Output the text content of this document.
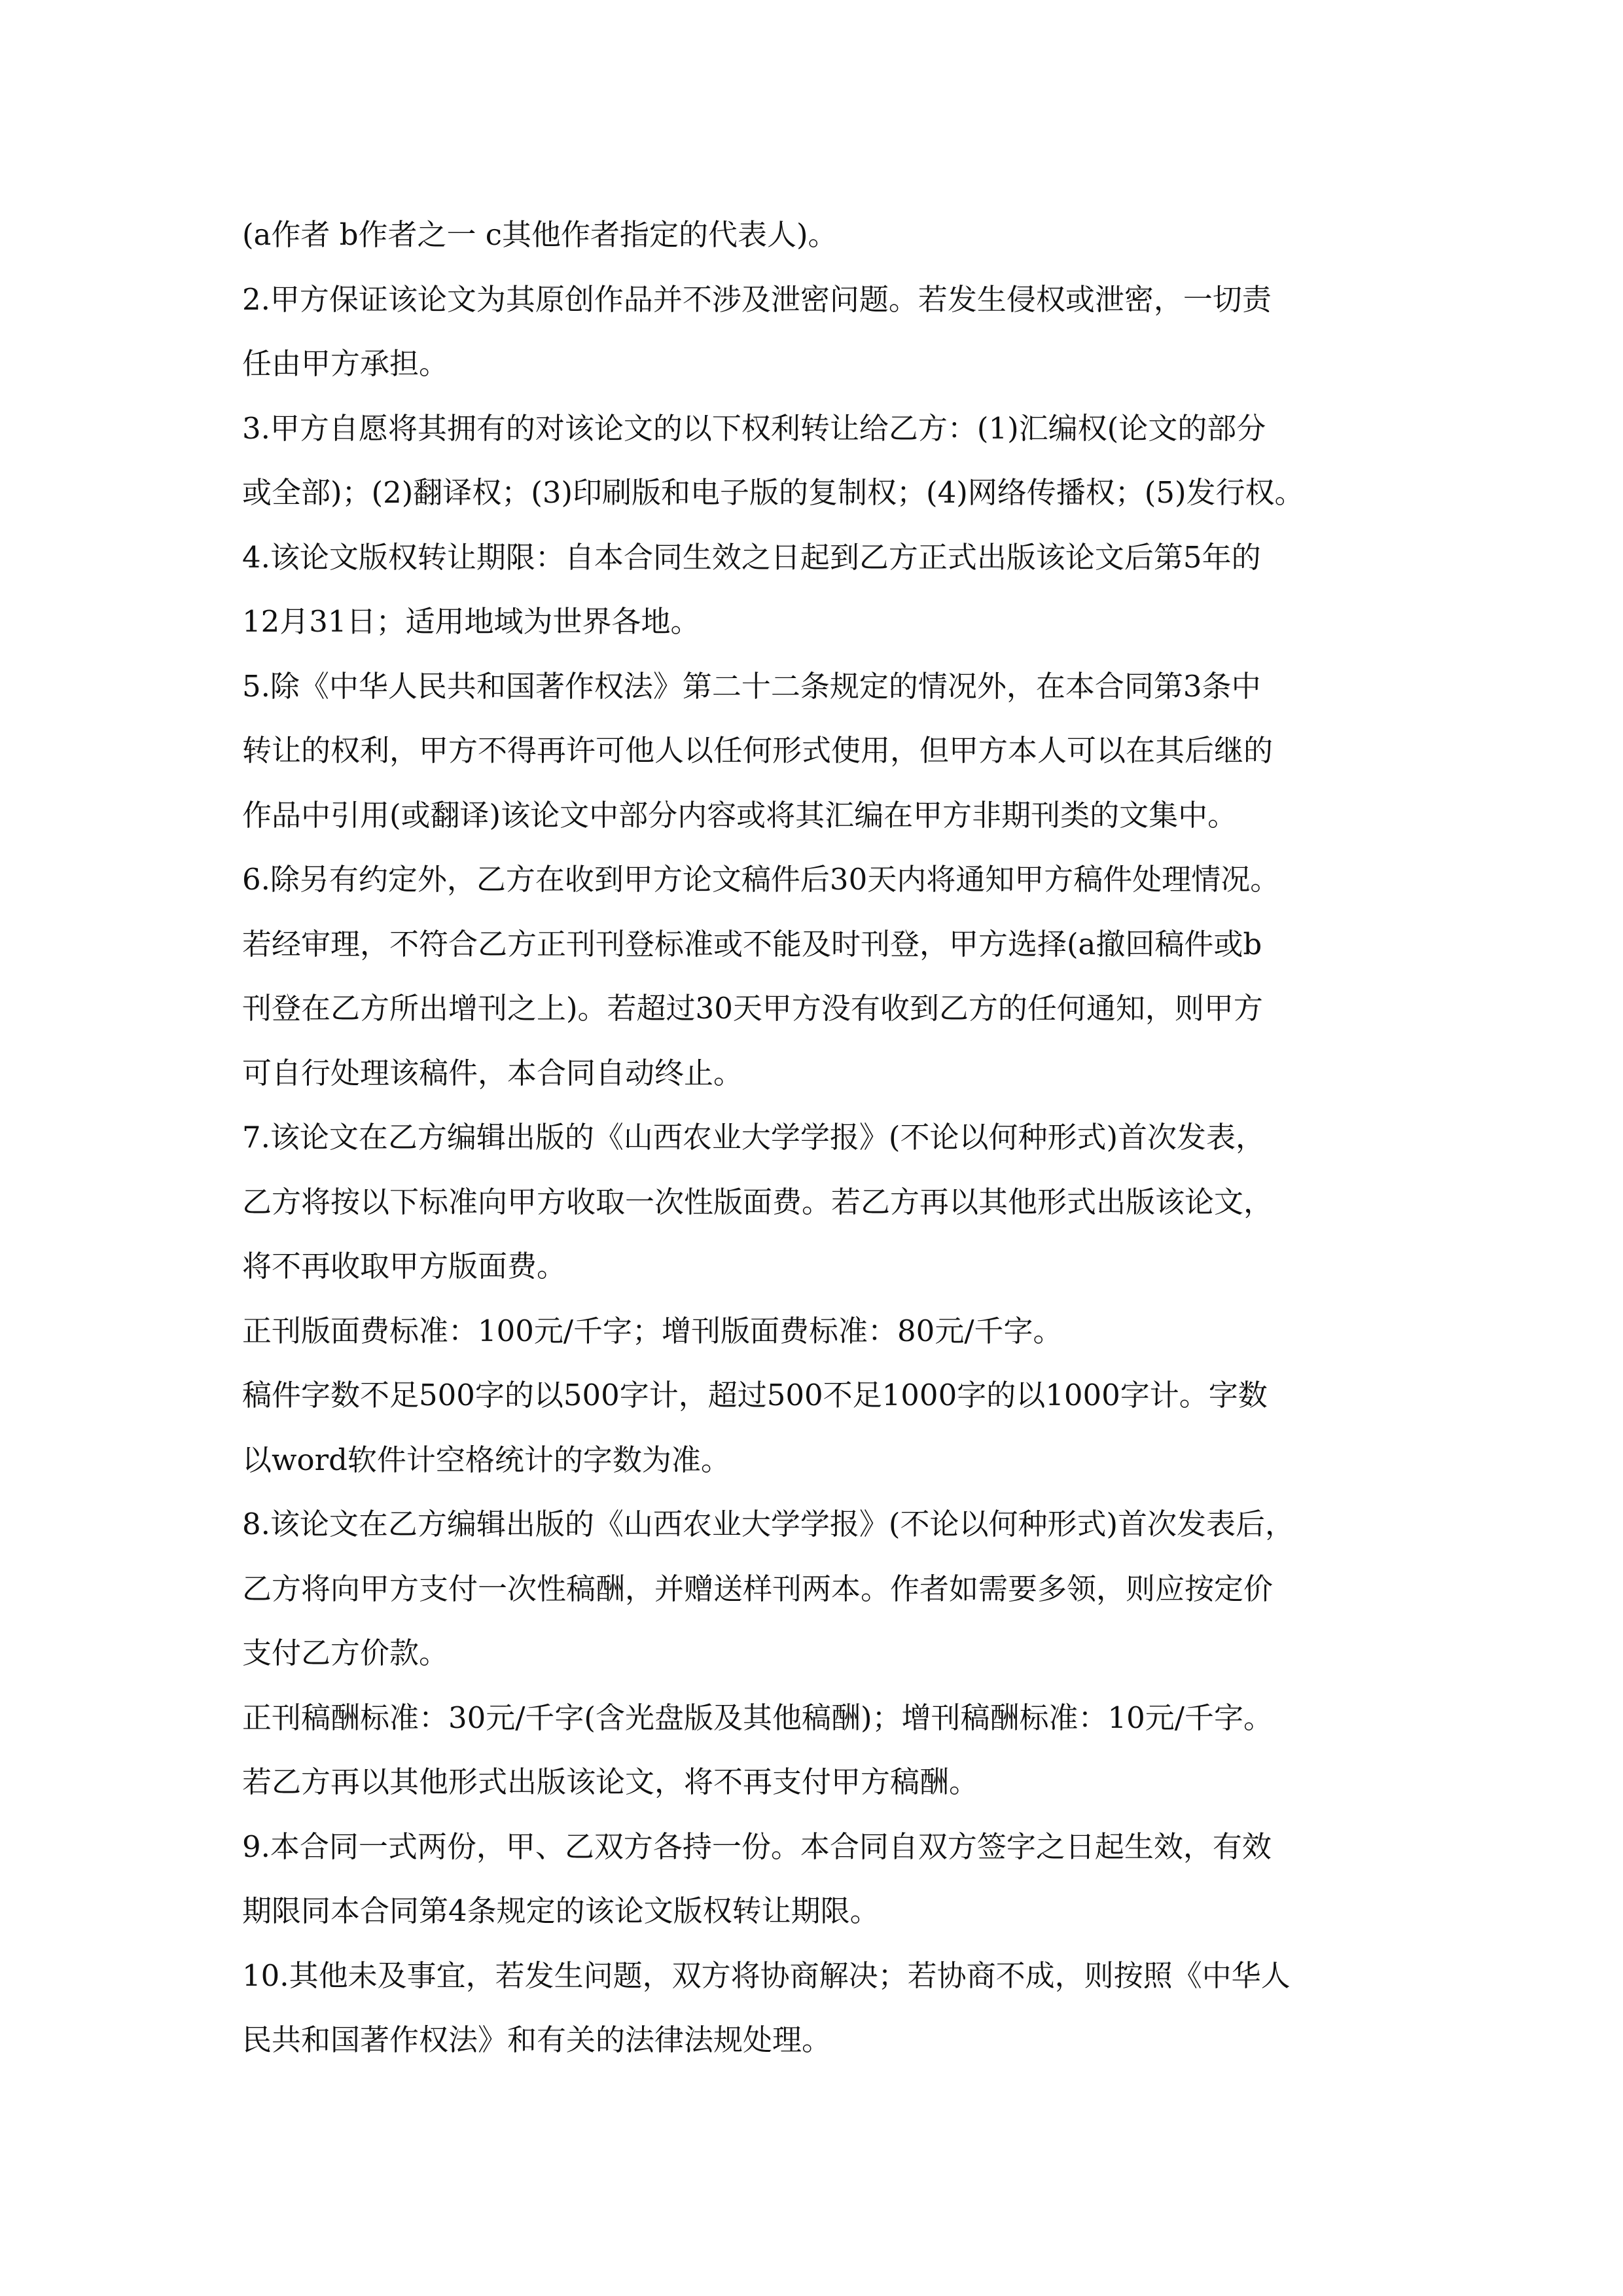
(a作者 b作者之一 c其他作者指定的代表人)。
2.甲方保证该论文为其原创作品并不涉及泄密问题。若发生侵权或泄密，一切责
任由甲方承担。
3.甲方自愿将其拥有的对该论文的以下权利转让给乙方：(1)汇编权(论文的部分
或全部)；(2)翻译权；(3)印刷版和电子版的复制权；(4)网络传播权；(5)发行权。
4.该论文版权转让期限：自本合同生效之日起到乙方正式出版该论文后第5年的
12月31日；适用地域为世界各地。
5.除《中华人民共和国著作权法》第二十二条规定的情况外，在本合同第3条中
转让的权利，甲方不得再许可他人以任何形式使用，但甲方本人可以在其后继的
作品中引用(或翻译)该论文中部分内容或将其汇编在甲方非期刊类的文集中。
6.除另有约定外，乙方在收到甲方论文稿件后30天内将通知甲方稿件处理情况。
若经审理，不符合乙方正刊刊登标准或不能及时刊登，甲方选择(a撤回稿件或b
刊登在乙方所出增刊之上)。若超过30天甲方没有收到乙方的任何通知，则甲方
可自行处理该稿件，本合同自动终止。
7.该论文在乙方编辑出版的《山西农业大学学报》(不论以何种形式)首次发表，
乙方将按以下标准向甲方收取一次性版面费。若乙方再以其他形式出版该论文，
将不再收取甲方版面费。
正刊版面费标准：100元/千字；增刊版面费标准：80元/千字。
稿件字数不足500字的以500字计，超过500不足1000字的以1000字计。字数
以word软件计空格统计的字数为准。
8.该论文在乙方编辑出版的《山西农业大学学报》(不论以何种形式)首次发表后，
乙方将向甲方支付一次性稿酬，并赠送样刊两本。作者如需要多领，则应按定价
支付乙方价款。
正刊稿酬标准：30元/千字(含光盘版及其他稿酬)；增刊稿酬标准：10元/千字。
若乙方再以其他形式出版该论文，将不再支付甲方稿酬。
9.本合同一式两份，甲、乙双方各持一份。本合同自双方签字之日起生效，有效
期限同本合同第4条规定的该论文版权转让期限。
10.其他未及事宜，若发生问题，双方将协商解决；若协商不成，则按照《中华人
民共和国著作权法》和有关的法律法规处理。
